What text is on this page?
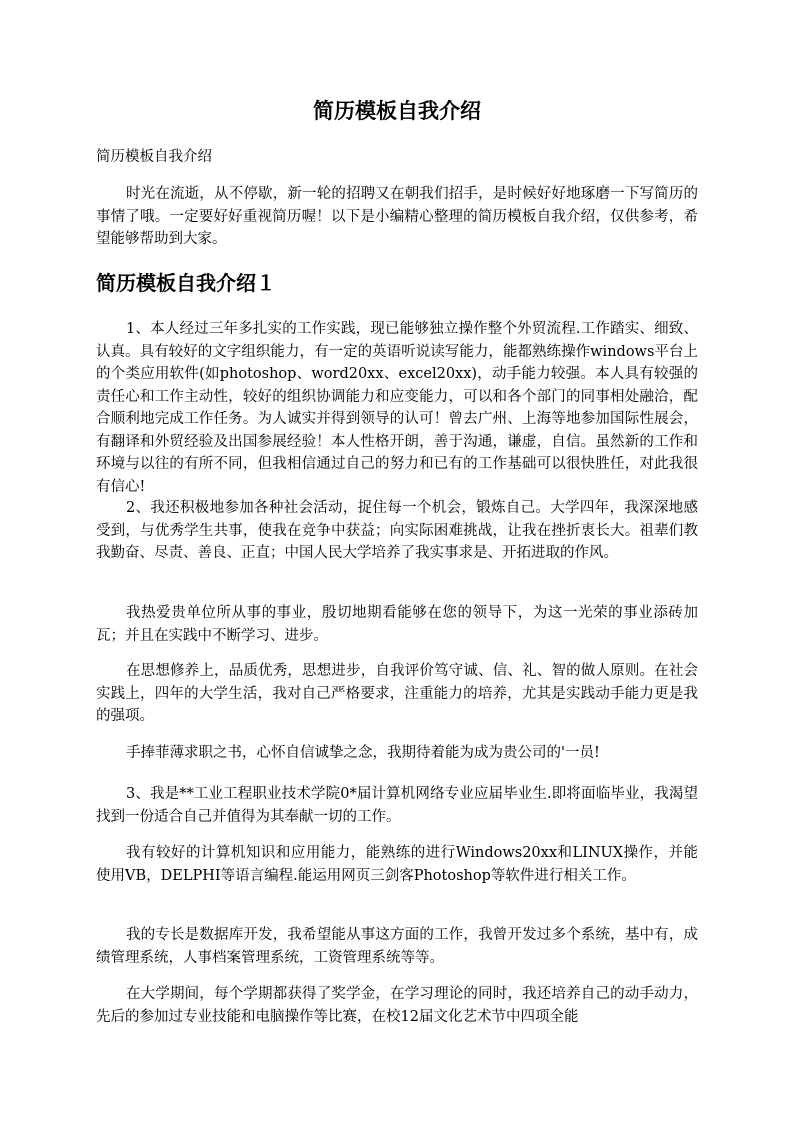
简历模板自我介绍

简历模板自我介绍

时光在流逝，从不停歇，新一轮的招聘又在朝我们招手，是时候好好地琢磨一下写简历的事情了哦。一定要好好重视简历喔！以下是小编精心整理的简历模板自我介绍，仅供参考，希望能够帮助到大家。

简历模板自我介绍１

1、本人经过三年多扎实的工作实践，现已能够独立操作整个外贸流程.工作踏实、细致、认真。具有较好的文字组织能力，有一定的英语听说读写能力，能都熟练操作windows平台上的个类应用软件(如photoshop、word20xx、excel20xx)，动手能力较强。本人具有较强的责任心和工作主动性，较好的组织协调能力和应变能力，可以和各个部门的同事相处融洽，配合顺利地完成工作任务。为人诚实并得到领导的认可！曾去广州、上海等地参加国际性展会，有翻译和外贸经验及出国参展经验！本人性格开朗，善于沟通，谦虚，自信。虽然新的工作和环境与以往的有所不同，但我相信通过自己的努力和已有的工作基础可以很快胜任，对此我很有信心!

2、我还积极地参加各种社会活动，捉住每一个机会，锻炼自己。大学四年，我深深地感受到，与优秀学生共事，使我在竞争中获益；向实际困难挑战，让我在挫折衷长大。祖辈们教我勤奋、尽责、善良、正直；中国人民大学培养了我实事求是、开拓进取的作风。

我热爱贵单位所从事的事业，殷切地期看能够在您的领导下，为这一光荣的事业添砖加瓦；并且在实践中不断学习、进步。

在思想修养上，品质优秀，思想进步，自我评价笃守诚、信、礼、智的做人原则。在社会实践上，四年的大学生活，我对自己严格要求，注重能力的培养，尤其是实践动手能力更是我的强项。

手捧菲薄求职之书，心怀自信诚挚之念，我期待着能为成为贵公司的'一员!

3、我是**工业工程职业技术学院0*届计算机网络专业应届毕业生.即将面临毕业，我渴望找到一份适合自己并值得为其奉献一切的工作。

我有较好的计算机知识和应用能力，能熟练的进行Windows20xx和LINUX操作，并能使用VB，DELPHI等语言编程.能运用网页三剑客Photoshop等软件进行相关工作。

我的专长是数据库开发，我希望能从事这方面的工作，我曾开发过多个系统，基中有，成绩管理系统，人事档案管理系统，工资管理系统等等。

在大学期间，每个学期都获得了奖学金，在学习理论的同时，我还培养自己的动手动力，先后的参加过专业技能和电脑操作等比赛，在校12届文化艺术节中四项全能
